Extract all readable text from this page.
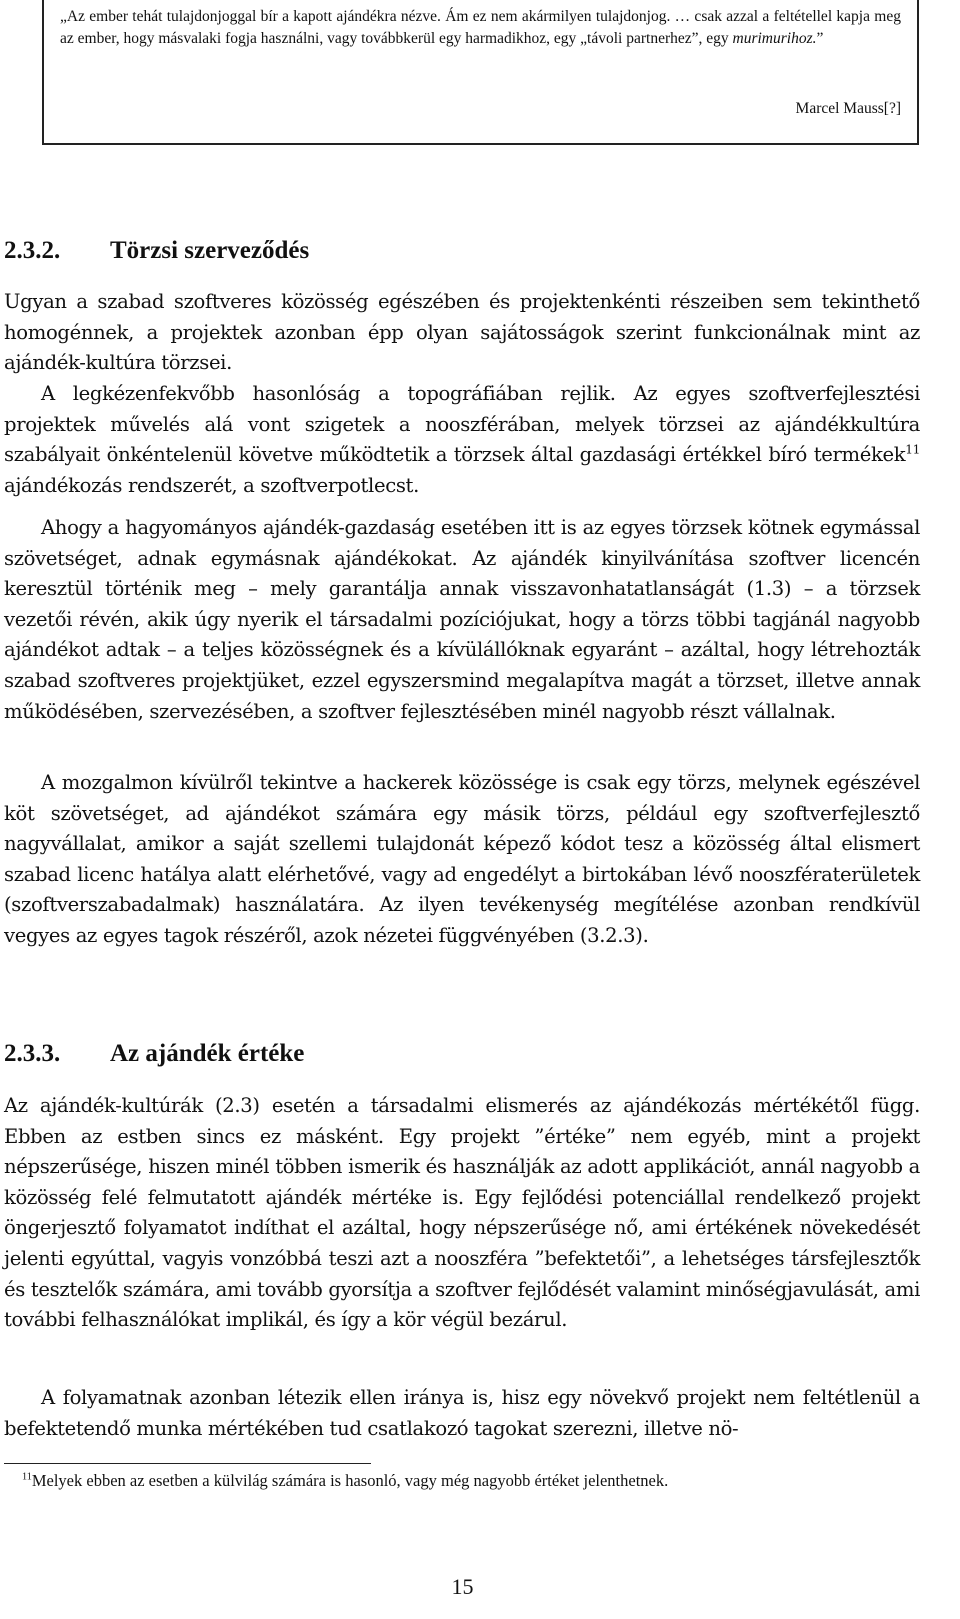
„Az ember tehát tulajdonjoggal bír a kapott ajándékra nézve. Ám ez nem akármilyen tulajdonjog. … csak azzal a feltétellel kapja meg az ember, hogy másvalaki fogja használni, vagy továbbkerül egy harmadikhoz, egy „távoli partnerhez”, egy murimurihoz.”

Marcel Mauss[?]
2.3.2. Törzsi szerveződés

Ugyan a szabad szoftveres közösség egészében és projektenkénti részeiben sem tekinthető homogénnek, a projektek azonban épp olyan sajátosságok szerint funkcionálnak mint az ajándék-kultúra törzsei.

A legkézenfekvőbb hasonlóság a topográfiában rejlik. Az egyes szoftverfejlesztési projektek művelés alá vont szigetek a nooszférában, melyek törzsei az ajándékkultúra szabályait önkéntelenül követve működtetik a törzsek által gazdasági értékkel bíró termékek$^{11}$ ajándékozás rendszerét, a szoftverpotlecst.

Ahogy a hagyományos ajándék-gazdaság esetében itt is az egyes törzsek kötnek egymással szövetséget, adnak egymásnak ajándékokat. Az ajándék kinyilvánítása szoftver licencén keresztül történik meg – mely garantálja annak visszavonhatatlanságát (1.3) – a törzsek vezetői révén, akik úgy nyerik el társadalmi pozíciójukat, hogy a törzs többi tagjánál nagyobb ajándékot adtak – a teljes közösségnek és a kívülállóknak egyaránt – azáltal, hogy létrehozták szabad szoftveres projektjüket, ezzel egyszersmind megalapítva magát a törzset, illetve annak működésében, szervezésében, a szoftver fejlesztésében minél nagyobb részt vállalnak.

A mozgalmon kívülről tekintve a hackerek közössége is csak egy törzs, melynek egészével köt szövetséget, ad ajándékot számára egy másik törzs, például egy szoftverfejlesztő nagyvállalat, amikor a saját szellemi tulajdonát képező kódot tesz a közösség által elismert szabad licenc hatálya alatt elérhetővé, vagy ad engedélyt a birtokában lévő nooszférаterületek (szoftverszabadalmak) használatára. Az ilyen tevékenység megítélése azonban rendkívül vegyes az egyes tagok részéről, azok nézetei függvényében (3.2.3).

2.3.3. Az ajándék értéke

Az ajándék-kultúrák (2.3) esetén a társadalmi elismerés az ajándékozás mértékétől függ. Ebben az estben sincs ez másként. Egy projekt ”értéke” nem egyéb, mint a projekt népszerűsége, hiszen minél többen ismerik és használják az adott applikációt, annál nagyobb a közösség felé felmutatott ajándék mértéke is. Egy fejlődési potenciállal rendelkező projekt öngerjesztő folyamatot indíthat el azáltal, hogy népszerűsége nő, ami értékének növekedését jelenti egyúttal, vagyis vonzóbbá teszi azt a nooszféra ”befektetői”, a lehetséges társfejlesztők és tesztelők számára, ami tovább gyorsítja a szoftver fejlődését valamint minőségjavulását, ami további felhasználókat implikál, és így a kör végül bezárul.

A folyamatnak azonban létezik ellen iránya is, hisz egy növekvő projekt nem feltétlenül a befektetendő munka mértékében tud csatlakozó tagokat szerezni, illetve nö-

$^{11}$Melyek ebben az esetben a külvilág számára is hasonló, vagy még nagyobb értéket jelenthetnek.

15
